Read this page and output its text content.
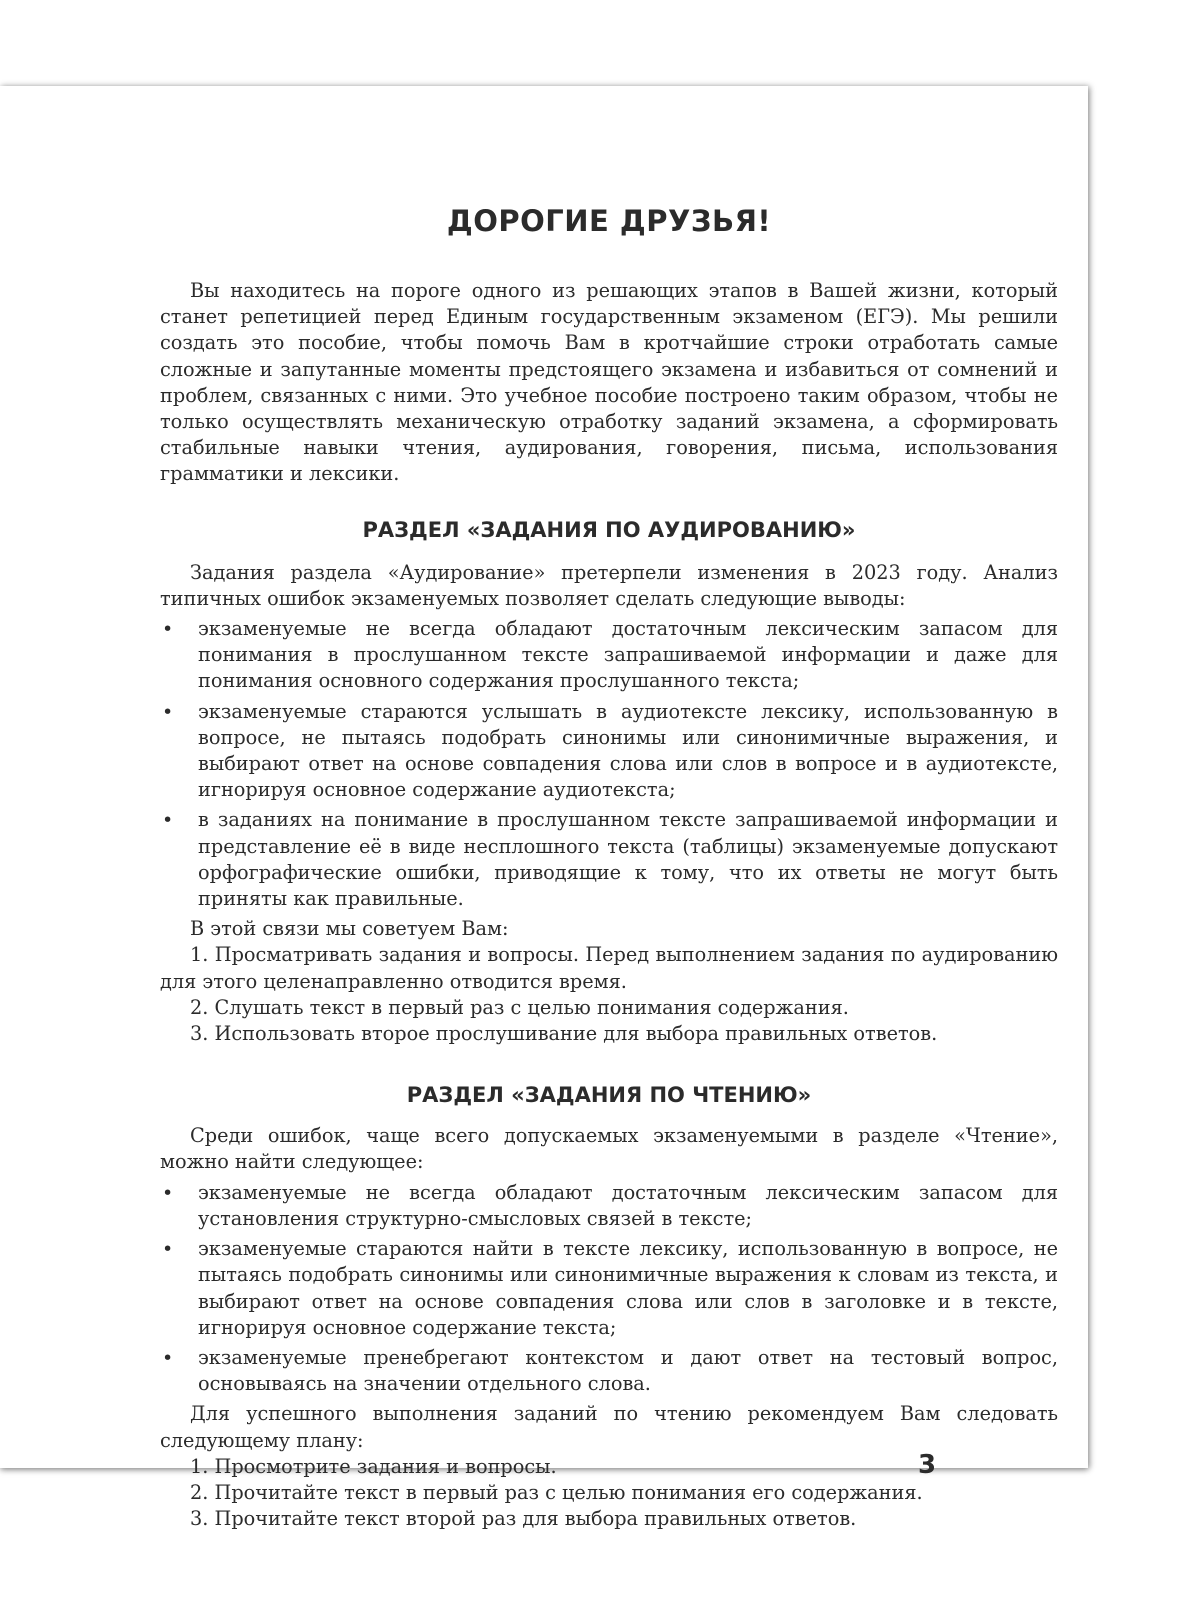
ДОРОГИЕ ДРУЗЬЯ!

Вы находитесь на пороге одного из решающих этапов в Вашей жизни, который станет репетицией перед Единым государственным экзаменом (ЕГЭ). Мы решили создать это пособие, чтобы помочь Вам в кротчайшие строки отработать самые сложные и запутанные моменты предстоящего экзамена и избавиться от сомнений и проблем, связанных с ними. Это учебное пособие построено таким образом, чтобы не только осуществлять механическую отработку заданий экзамена, а сформировать стабильные навыки чтения, аудирования, говорения, письма, использования грамматики и лексики.

РАЗДЕЛ «ЗАДАНИЯ ПО АУДИРОВАНИЮ»

Задания раздела «Аудирование» претерпели изменения в 2023 году. Анализ типичных ошибок экзаменуемых позволяет сделать следующие выводы:

• экзаменуемые не всегда обладают достаточным лексическим запасом для понимания в прослушанном тексте запрашиваемой информации и даже для понимания основного содержания прослушанного текста;

• экзаменуемые стараются услышать в аудиотексте лексику, использованную в вопросе, не пытаясь подобрать синонимы или синонимичные выражения, и выбирают ответ на основе совпадения слова или слов в вопросе и в аудиотексте, игнорируя основное содержание аудиотекста;

• в заданиях на понимание в прослушанном тексте запрашиваемой информации и представление её в виде несплошного текста (таблицы) экзаменуемые допускают орфографические ошибки, приводящие к тому, что их ответы не могут быть приняты как правильные.

В этой связи мы советуем Вам:

1. Просматривать задания и вопросы. Перед выполнением задания по аудированию для этого целенаправленно отводится время.
2. Слушать текст в первый раз с целью понимания содержания.
3. Использовать второе прослушивание для выбора правильных ответов.
РАЗДЕЛ «ЗАДАНИЯ ПО ЧТЕНИЮ»

Среди ошибок, чаще всего допускаемых экзаменуемыми в разделе «Чтение», можно найти следующее:

• экзаменуемые не всегда обладают достаточным лексическим запасом для установления структурно-смысловых связей в тексте;

• экзаменуемые стараются найти в тексте лексику, использованную в вопросе, не пытаясь подобрать синонимы или синонимичные выражения к словам из текста, и выбирают ответ на основе совпадения слова или слов в заголовке и в тексте, игнорируя основное содержание текста;

• экзаменуемые пренебрегают контекстом и дают ответ на тестовый вопрос, основываясь на значении отдельного слова.

Для успешного выполнения заданий по чтению рекомендуем Вам следовать следующему плану:

1. Просмотрите задания и вопросы.
2. Прочитайте текст в первый раз с целью понимания его содержания.
3. Прочитайте текст второй раз для выбора правильных ответов.
3
